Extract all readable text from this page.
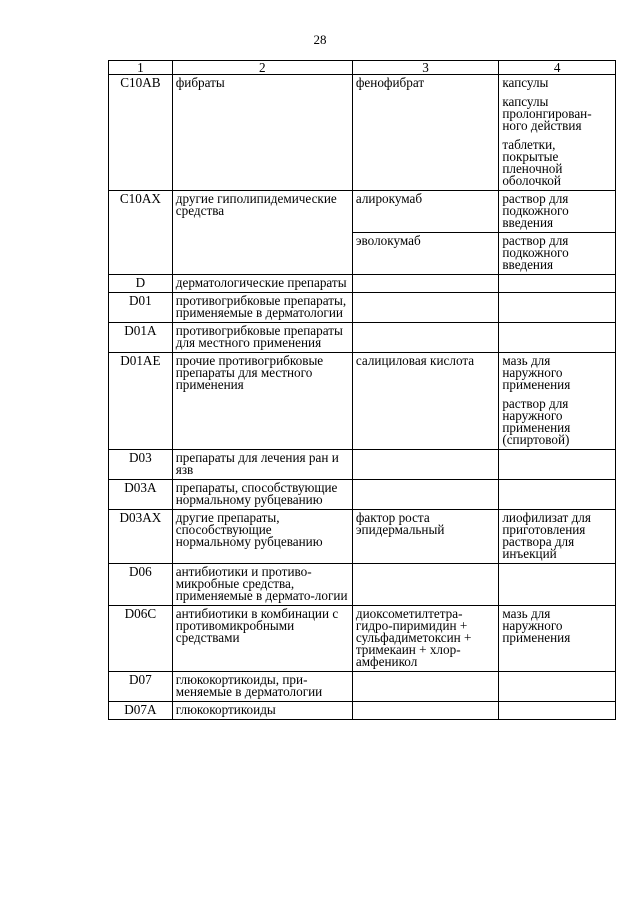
28
1	2	3	4
C10AB	фибраты	фенофибрат	капсулы
капсулы пролонгирован-ного действия
таблетки, покрытые пленочной оболочкой

C10AX	другие гиполипидемические средства	алирокумаб	раствор для подкожного введения

		эволокумаб	раствор для подкожного введения

D	дерматологические препараты		
D01	противогрибковые препараты, применяемые в дерматологии		
D01A	противогрибковые препараты для местного применения		
D01AE	прочие противогрибковые препараты для местного применения	салициловая кислота	мазь для наружного применения
раствор для наружного применения (спиртовой)

D03	препараты для лечения ран и язв		
D03A	препараты, способствующие нормальному рубцеванию		
D03AX	другие препараты, способствующие нормальному рубцеванию	фактор роста эпидермальный	лиофилизат для приготовления раствора для инъекций

D06	антибиотики и противо-микробные средства, применяемые в дермато-логии		
D06C	антибиотики в комбинации с противомикробными средствами	диоксометилтетра-гидро-пиримидин + сульфадиметоксин + тримекаин + хлор-амфеникол	мазь для наружного применения

D07	глюкокортикоиды, при-меняемые в дерматологии		
D07A	глюкокортикоиды		
